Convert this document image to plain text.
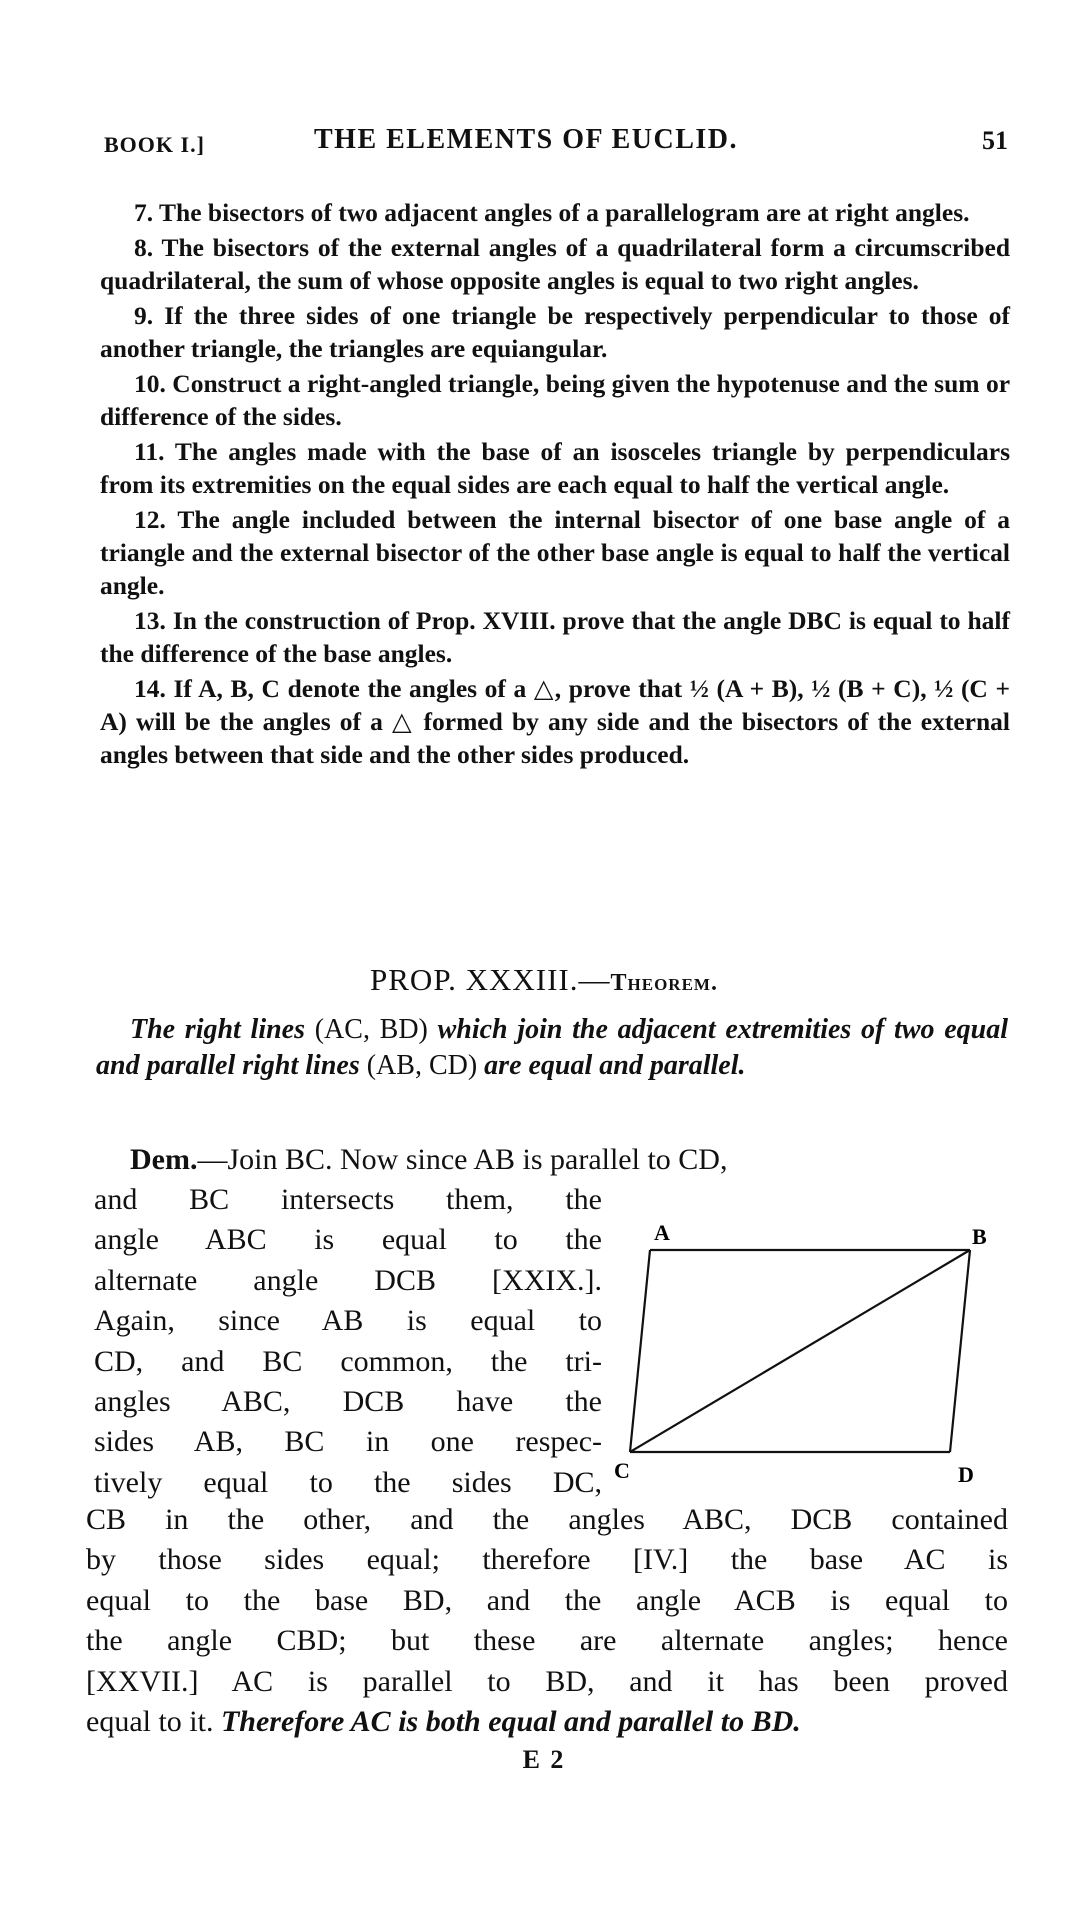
BOOK I.]	THE ELEMENTS OF EUCLID.	51

7. The bisectors of two adjacent angles of a parallelogram are at right angles.

8. The bisectors of the external angles of a quadrilateral form a circumscribed quadrilateral, the sum of whose opposite angles is equal to two right angles.

9. If the three sides of one triangle be respectively perpendicular to those of another triangle, the triangles are equiangular.

10. Construct a right-angled triangle, being given the hypotenuse and the sum or difference of the sides.

11. The angles made with the base of an isosceles triangle by perpendiculars from its extremities on the equal sides are each equal to half the vertical angle.

12. The angle included between the internal bisector of one base angle of a triangle and the external bisector of the other base angle is equal to half the vertical angle.

13. In the construction of Prop. XVIII. prove that the angle DBC is equal to half the difference of the base angles.

14. If A, B, C denote the angles of a △, prove that ½ (A + B), ½ (B + C), ½ (C + A) will be the angles of a △ formed by any side and the bisectors of the external angles between that side and the other sides produced.

PROP. XXXIII.—Theorem.
The right lines (AC, BD) which join the adjacent extremities of two equal and parallel right lines (AB, CD) are equal and parallel.
Dem.—Join BC. Now since AB is parallel to CD,

and BC intersects them, the

angle ABC is equal to the

alternate angle DCB [XXIX.].

Again, since AB is equal to

CD, and BC common, the tri-

angles ABC, DCB have the

sides AB, BC in one respec-

tively equal to the sides DC,

A	B
C	D

CB in the other, and the angles ABC, DCB contained

by those sides equal; therefore [IV.] the base AC is

equal to the base BD, and the angle ACB is equal to

the angle CBD; but these are alternate angles; hence

[XXVII.] AC is parallel to BD, and it has been proved

equal to it. Therefore AC is both equal and parallel to BD.

E 2
